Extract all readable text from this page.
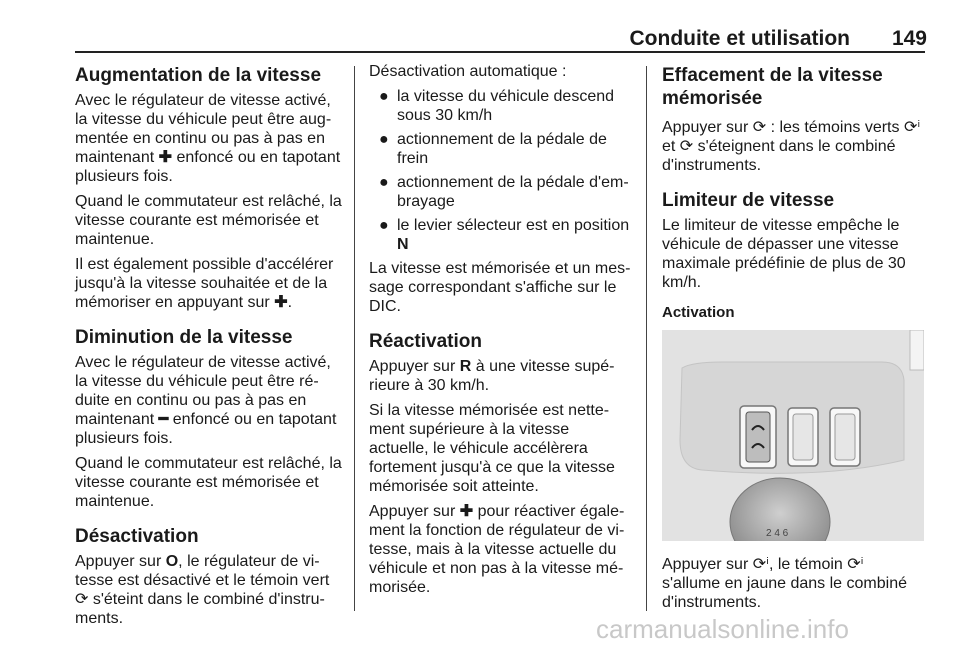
Conduite et utilisation	149
Augmentation de la vitesse

Avec le régulateur de vitesse activé, la vitesse du véhicule peut être augmentée en continu ou pas à pas en maintenant ✚ enfoncé ou en tapotant plusieurs fois.

Quand le commutateur est relâché, la vitesse courante est mémorisée et maintenue.

Il est également possible d'accélérer jusqu'à la vitesse souhaitée et de la mémoriser en appuyant sur ✚.

Diminution de la vitesse

Avec le régulateur de vitesse activé, la vitesse du véhicule peut être réduite en continu ou pas à pas en maintenant ━ enfoncé ou en tapotant plusieurs fois.

Quand le commutateur est relâché, la vitesse courante est mémorisée et maintenue.

Désactivation

Appuyer sur O, le régulateur de vitesse est désactivé et le témoin vert ⟳ s'éteint dans le combiné d'instruments.

Désactivation automatique :

● la vitesse du véhicule descend sous 30 km/h
● actionnement de la pédale de frein
● actionnement de la pédale d'embrayage
● le levier sélecteur est en position
N

La vitesse est mémorisée et un message correspondant s'affiche sur le DIC.

Réactivation

Appuyer sur R à une vitesse supérieure à 30 km/h.

Si la vitesse mémorisée est nettement supérieure à la vitesse actuelle, le véhicule accélèrera fortement jusqu'à ce que la vitesse mémorisée soit atteinte.

Appuyer sur ✚ pour réactiver également la fonction de régulateur de vitesse, mais à la vitesse actuelle du véhicule et non pas à la vitesse mémorisée.

Effacement de la vitesse mémorisée

Appuyer sur ⟳ : les témoins verts ⟳ⁱ et ⟳ s'éteignent dans le combiné d'instruments.

Limiteur de vitesse

Le limiteur de vitesse empêche le véhicule de dépasser une vitesse maximale prédéfinie de plus de 30 km/h.

Activation
2 4 6

Appuyer sur ⟳ⁱ, le témoin ⟳ⁱ s'allume en jaune dans le combiné d'instruments.

carmanualsonline.info
